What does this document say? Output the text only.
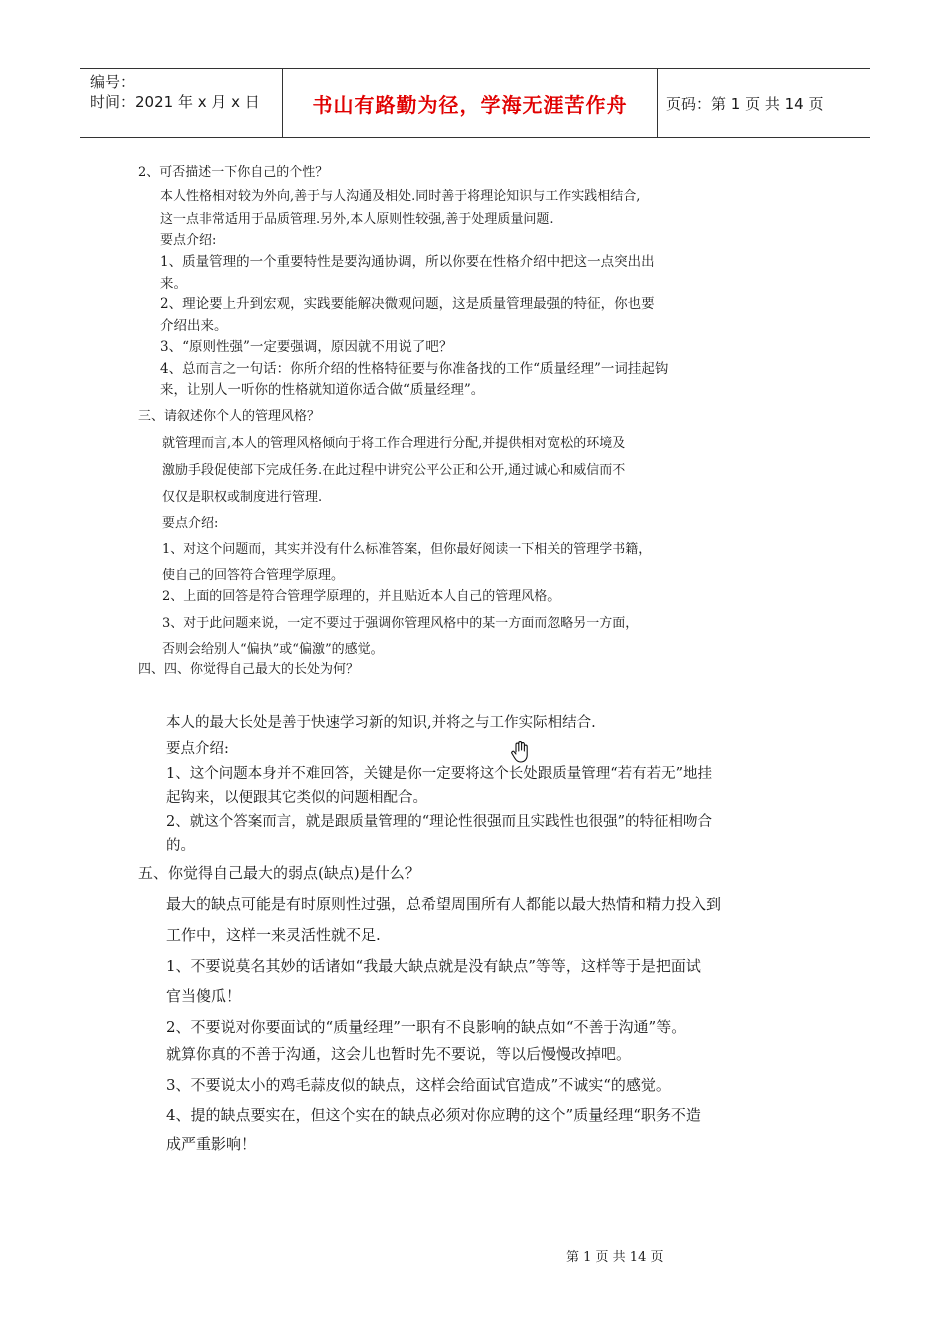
编号：
时间：2021 年 x 月 x 日	书山有路勤为径，学海无涯苦作舟	页码：第 1 页 共 14 页
2、可否描述一下你自己的个性？
本人性格相对较为外向,善于与人沟通及相处.同时善于将理论知识与工作实践相结合,
这一点非常适用于品质管理.另外,本人原则性较强,善于处理质量问题.
要点介绍:
1、质量管理的一个重要特性是要沟通协调，所以你要在性格介绍中把这一点突出出
来。
2、理论要上升到宏观，实践要能解决微观问题，这是质量管理最强的特征，你也要
介绍出来。
3、“原则性强”一定要强调，原因就不用说了吧？
4、总而言之一句话：你所介绍的性格特征要与你准备找的工作“质量经理”一词挂起钩
来，让别人一听你的性格就知道你适合做“质量经理”。
三、请叙述你个人的管理风格？
就管理而言,本人的管理风格倾向于将工作合理进行分配,并提供相对宽松的环境及
激励手段促使部下完成任务.在此过程中讲究公平公正和公开,通过诚心和威信而不
仅仅是职权或制度进行管理.
要点介绍:
1、对这个问题而，其实并没有什么标准答案，但你最好阅读一下相关的管理学书籍，
使自己的回答符合管理学原理。
2、上面的回答是符合管理学原理的，并且贴近本人自己的管理风格。
3、对于此问题来说，一定不要过于强调你管理风格中的某一方面而忽略另一方面，
否则会给别人“偏执”或“偏激”的感觉。
四、四、你觉得自己最大的长处为何？
本人的最大长处是善于快速学习新的知识,并将之与工作实际相结合.
要点介绍:
1、这个问题本身并不难回答，关键是你一定要将这个长处跟质量管理“若有若无”地挂
起钩来，以便跟其它类似的问题相配合。
2、就这个答案而言，就是跟质量管理的“理论性很强而且实践性也很强”的特征相吻合
的。
五、你觉得自己最大的弱点(缺点)是什么？
最大的缺点可能是有时原则性过强，总希望周围所有人都能以最大热情和精力投入到
工作中，这样一来灵活性就不足.
1、不要说莫名其妙的话诸如“我最大缺点就是没有缺点”等等，这样等于是把面试
官当傻瓜！
2、不要说对你要面试的“质量经理”一职有不良影响的缺点如“不善于沟通”等。
就算你真的不善于沟通，这会儿也暂时先不要说，等以后慢慢改掉吧。
3、不要说太小的鸡毛蒜皮似的缺点，这样会给面试官造成”不诚实“的感觉。
4、提的缺点要实在，但这个实在的缺点必须对你应聘的这个”质量经理“职务不造
成严重影响！
第 1 页 共 14 页
